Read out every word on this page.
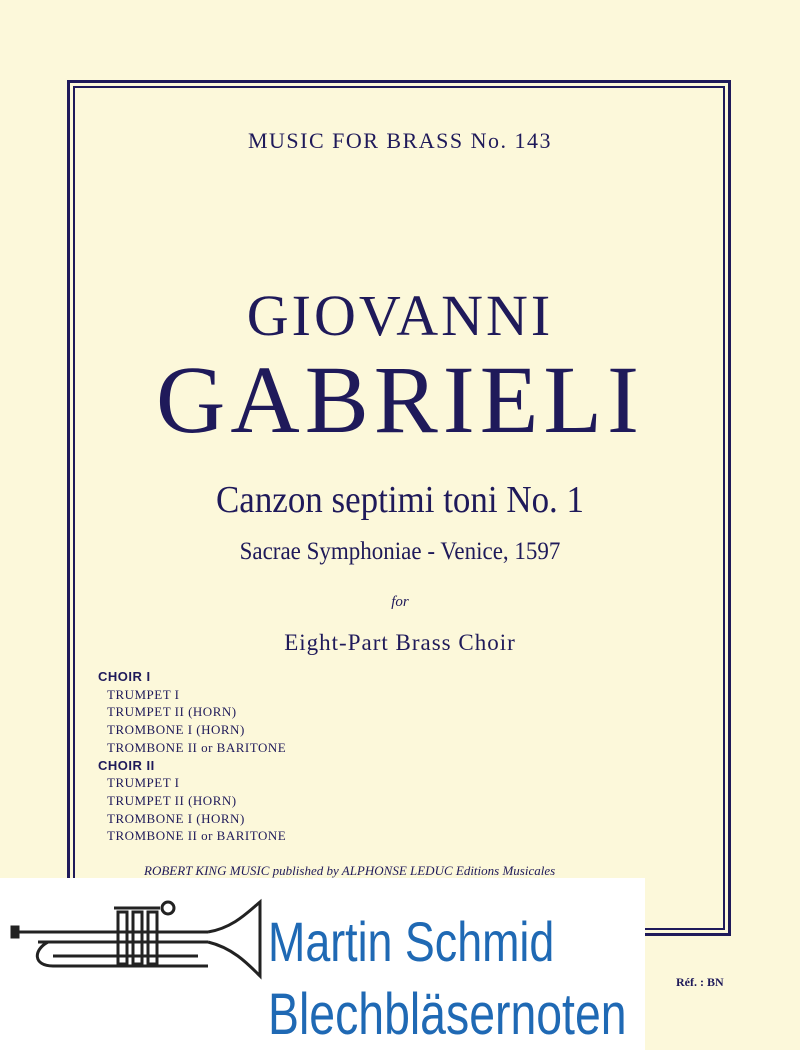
MUSIC FOR BRASS No. 143
GIOVANNI
GABRIELI
Canzon septimi toni No. 1
Sacrae Symphoniae - Venice, 1597
for
Eight-Part Brass Choir
CHOIR I
TRUMPET I
TRUMPET II (HORN)
TROMBONE I (HORN)
TROMBONE II or BARITONE
CHOIR II
TRUMPET I
TRUMPET II (HORN)
TROMBONE I (HORN)
TROMBONE II or BARITONE
ROBERT KING MUSIC published by ALPHONSE LEDUC Editions Musicales
Réf. : BN
Martin Schmid
Blechbläsernoten
